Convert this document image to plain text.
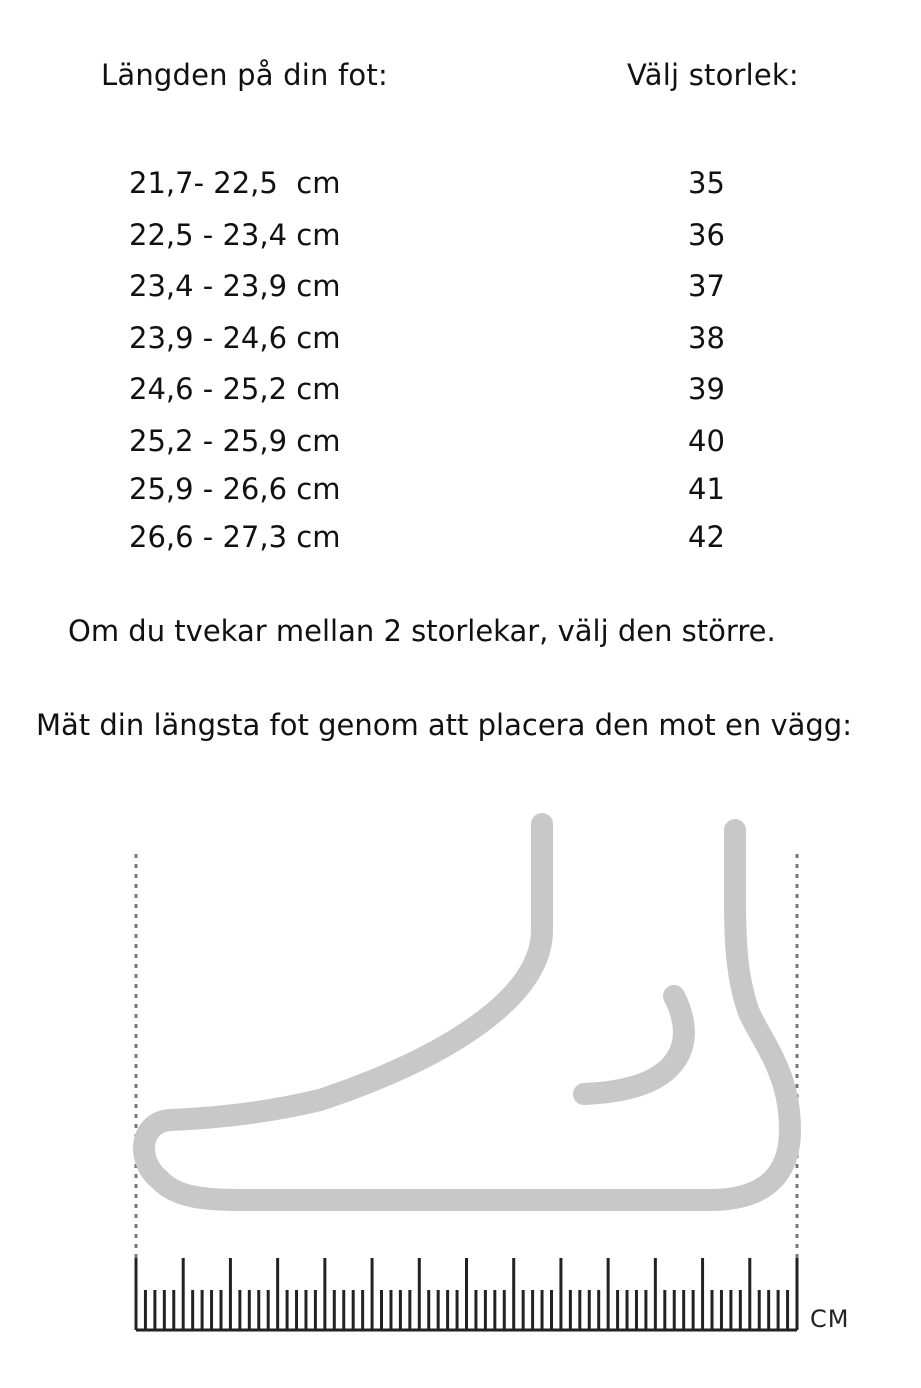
Längden på din fot:	Välj storlek:
21,7- 22,5  cm	35
22,5 - 23,4 cm	36
23,4 - 23,9 cm	37
23,9 - 24,6 cm	38
24,6 - 25,2 cm	39
25,2 - 25,9 cm	40
25,9 - 26,6 cm	41
26,6 - 27,3 cm	42
Om du tvekar mellan 2 storlekar, välj den större.
Mät din längsta fot genom att placera den mot en vägg:
CM
